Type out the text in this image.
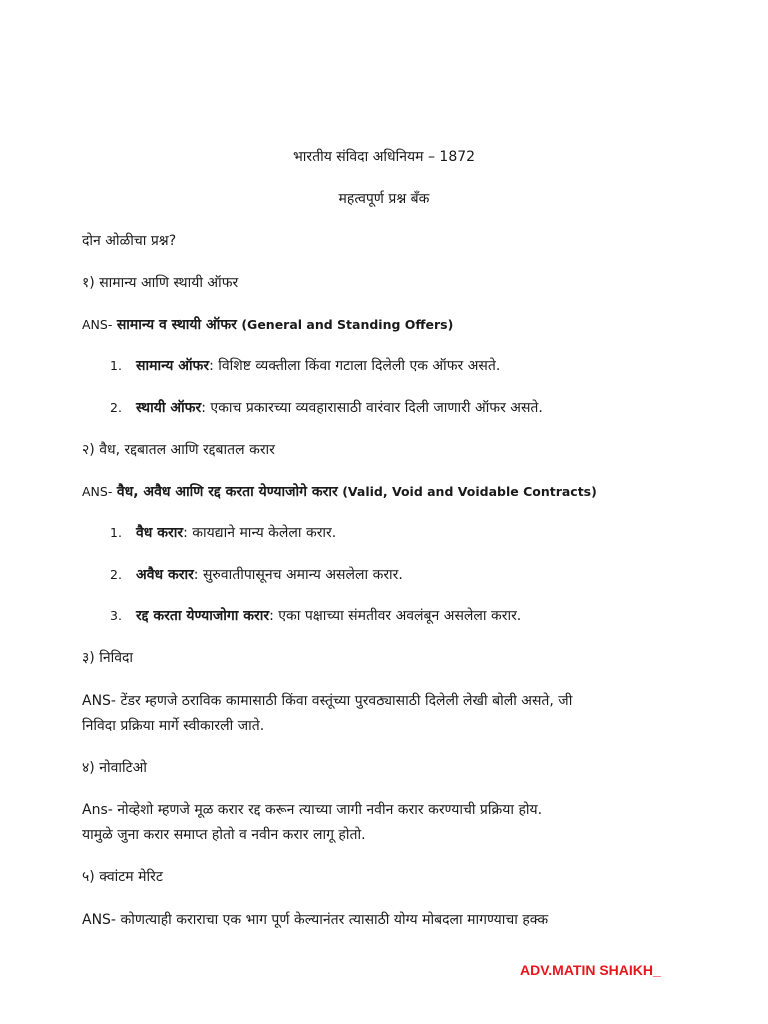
भारतीय संविदा अधिनियम – 1872
महत्वपूर्ण प्रश्न बँक
दोन ओळीचा प्रश्न?
१) सामान्य आणि स्थायी ऑफर
ANS- सामान्य व स्थायी ऑफर (General and Standing Offers)
1. सामान्य ऑफर: विशिष्ट व्यक्तीला किंवा गटाला दिलेली एक ऑफर असते.
2. स्थायी ऑफर: एकाच प्रकारच्या व्यवहारासाठी वारंवार दिली जाणारी ऑफर असते.
२) वैध, रद्दबातल आणि रद्दबातल करार
ANS- वैध, अवैध आणि रद्द करता येण्याजोगे करार (Valid, Void and Voidable Contracts)
1. वैध करार: कायद्याने मान्य केलेला करार.
2. अवैध करार: सुरुवातीपासूनच अमान्य असलेला करार.
3. रद्द करता येण्याजोगा करार: एका पक्षाच्या संमतीवर अवलंबून असलेला करार.
३) निविदा
ANS- टेंडर म्हणजे ठराविक कामासाठी किंवा वस्तूंच्या पुरवठ्यासाठी दिलेली लेखी बोली असते, जी
निविदा प्रक्रिया मार्गे स्वीकारली जाते.
४) नोवाटिओ
Ans- नोव्हेशो म्हणजे मूळ करार रद्द करून त्याच्या जागी नवीन करार करण्याची प्रक्रिया होय.
यामुळे जुना करार समाप्त होतो व नवीन करार लागू होतो.
५) क्वांटम मेरिट
ANS- कोणत्याही कराराचा एक भाग पूर्ण केल्यानंतर त्यासाठी योग्य मोबदला मागण्याचा हक्क
ADV.MATIN SHAIKH_
